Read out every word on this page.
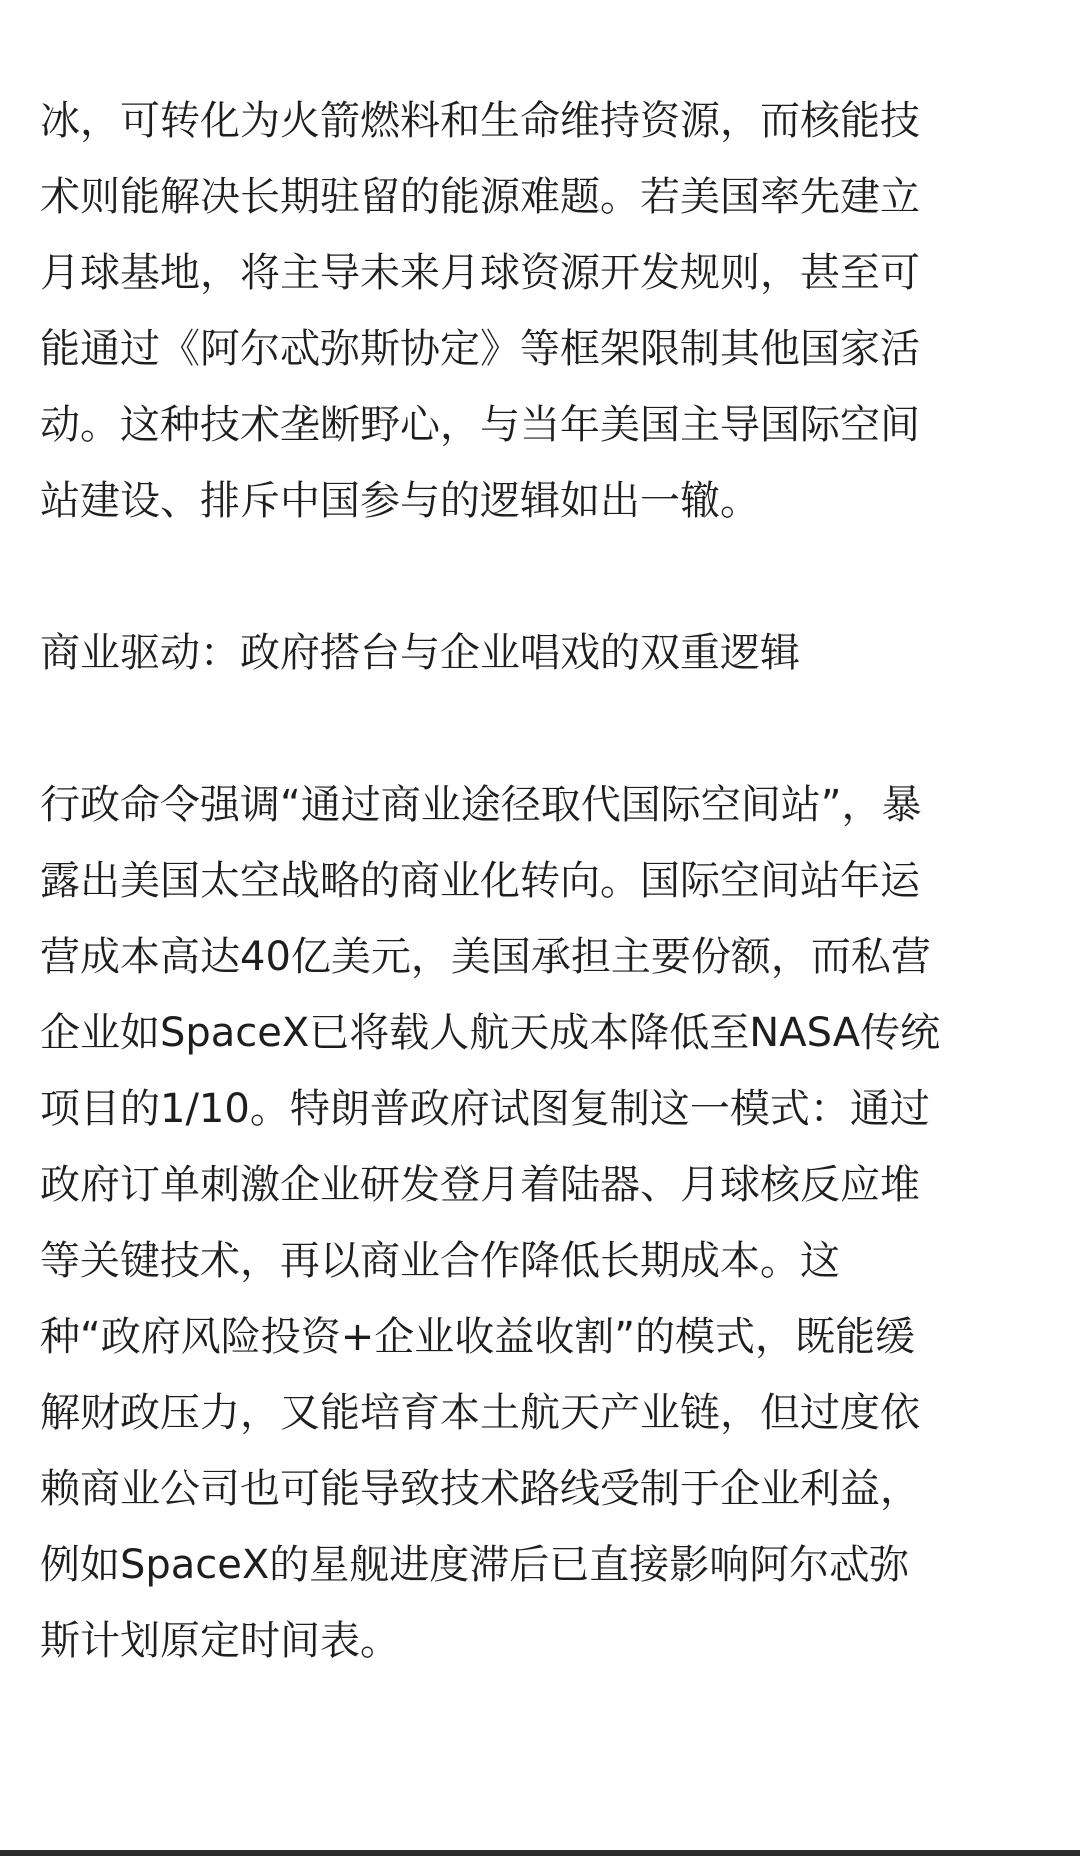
冰，可转化为火箭燃料和生命维持资源，而核能技
术则能解决长期驻留的能源难题。若美国率先建立
月球基地，将主导未来月球资源开发规则，甚至可
能通过《阿尔忒弥斯协定》等框架限制其他国家活
动。这种技术垄断野心，与当年美国主导国际空间
站建设、排斥中国参与的逻辑如出一辙。
商业驱动：政府搭台与企业唱戏的双重逻辑
行政命令强调“通过商业途径取代国际空间站”，暴
露出美国太空战略的商业化转向。国际空间站年运
营成本高达40亿美元，美国承担主要份额，而私营
企业如SpaceX已将载人航天成本降低至NASA传统
项目的1/10。特朗普政府试图复制这一模式：通过
政府订单刺激企业研发登月着陆器、月球核反应堆
等关键技术，再以商业合作降低长期成本。这
种“政府风险投资+企业收益收割”的模式，既能缓
解财政压力，又能培育本土航天产业链，但过度依
赖商业公司也可能导致技术路线受制于企业利益，
例如SpaceX的星舰进度滞后已直接影响阿尔忒弥
斯计划原定时间表。
